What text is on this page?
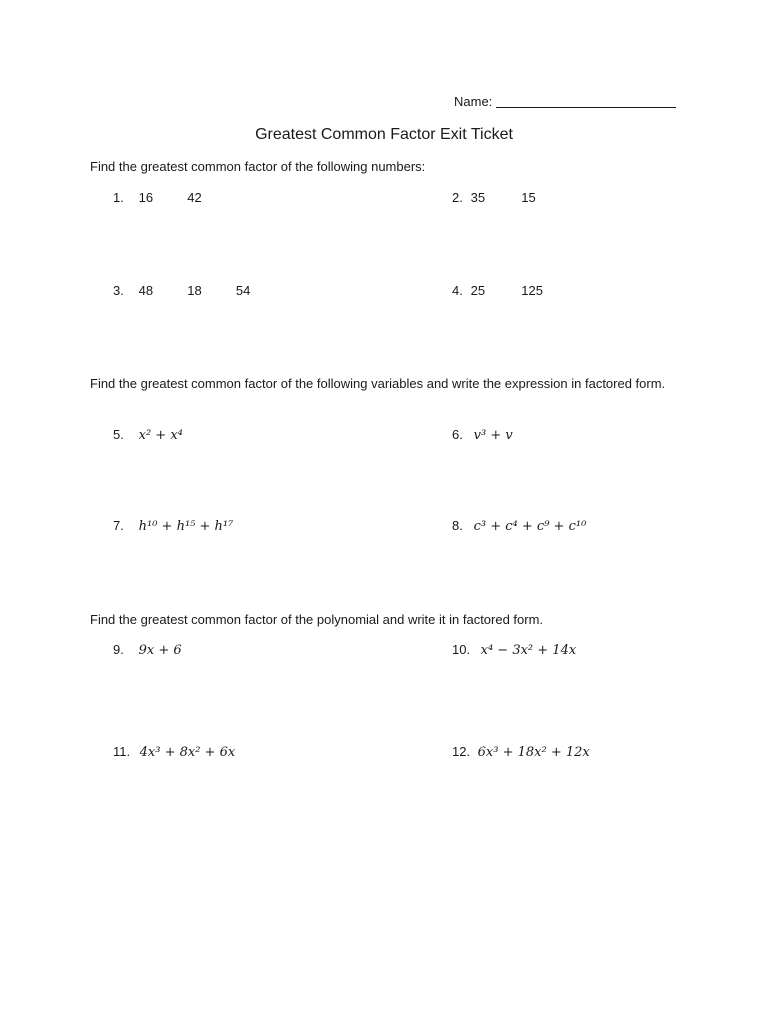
Name:
Greatest Common Factor Exit Ticket
Find the greatest common factor of the following numbers:
1. 16	42	2. 35	15
3. 48	18	54	4. 25	125
Find the greatest common factor of the following variables and write the expression in factored form.
5. x² + x⁴	6. v³ + v
7. h¹⁰ + h¹⁵ + h¹⁷	8. c³ + c⁴ + c⁹ + c¹⁰
Find the greatest common factor of the polynomial and write it in factored form.
9. 9x + 6	10. x⁴ − 3x² + 14x
11. 4x³ + 8x² + 6x	12. 6x³ + 18x² + 12x
